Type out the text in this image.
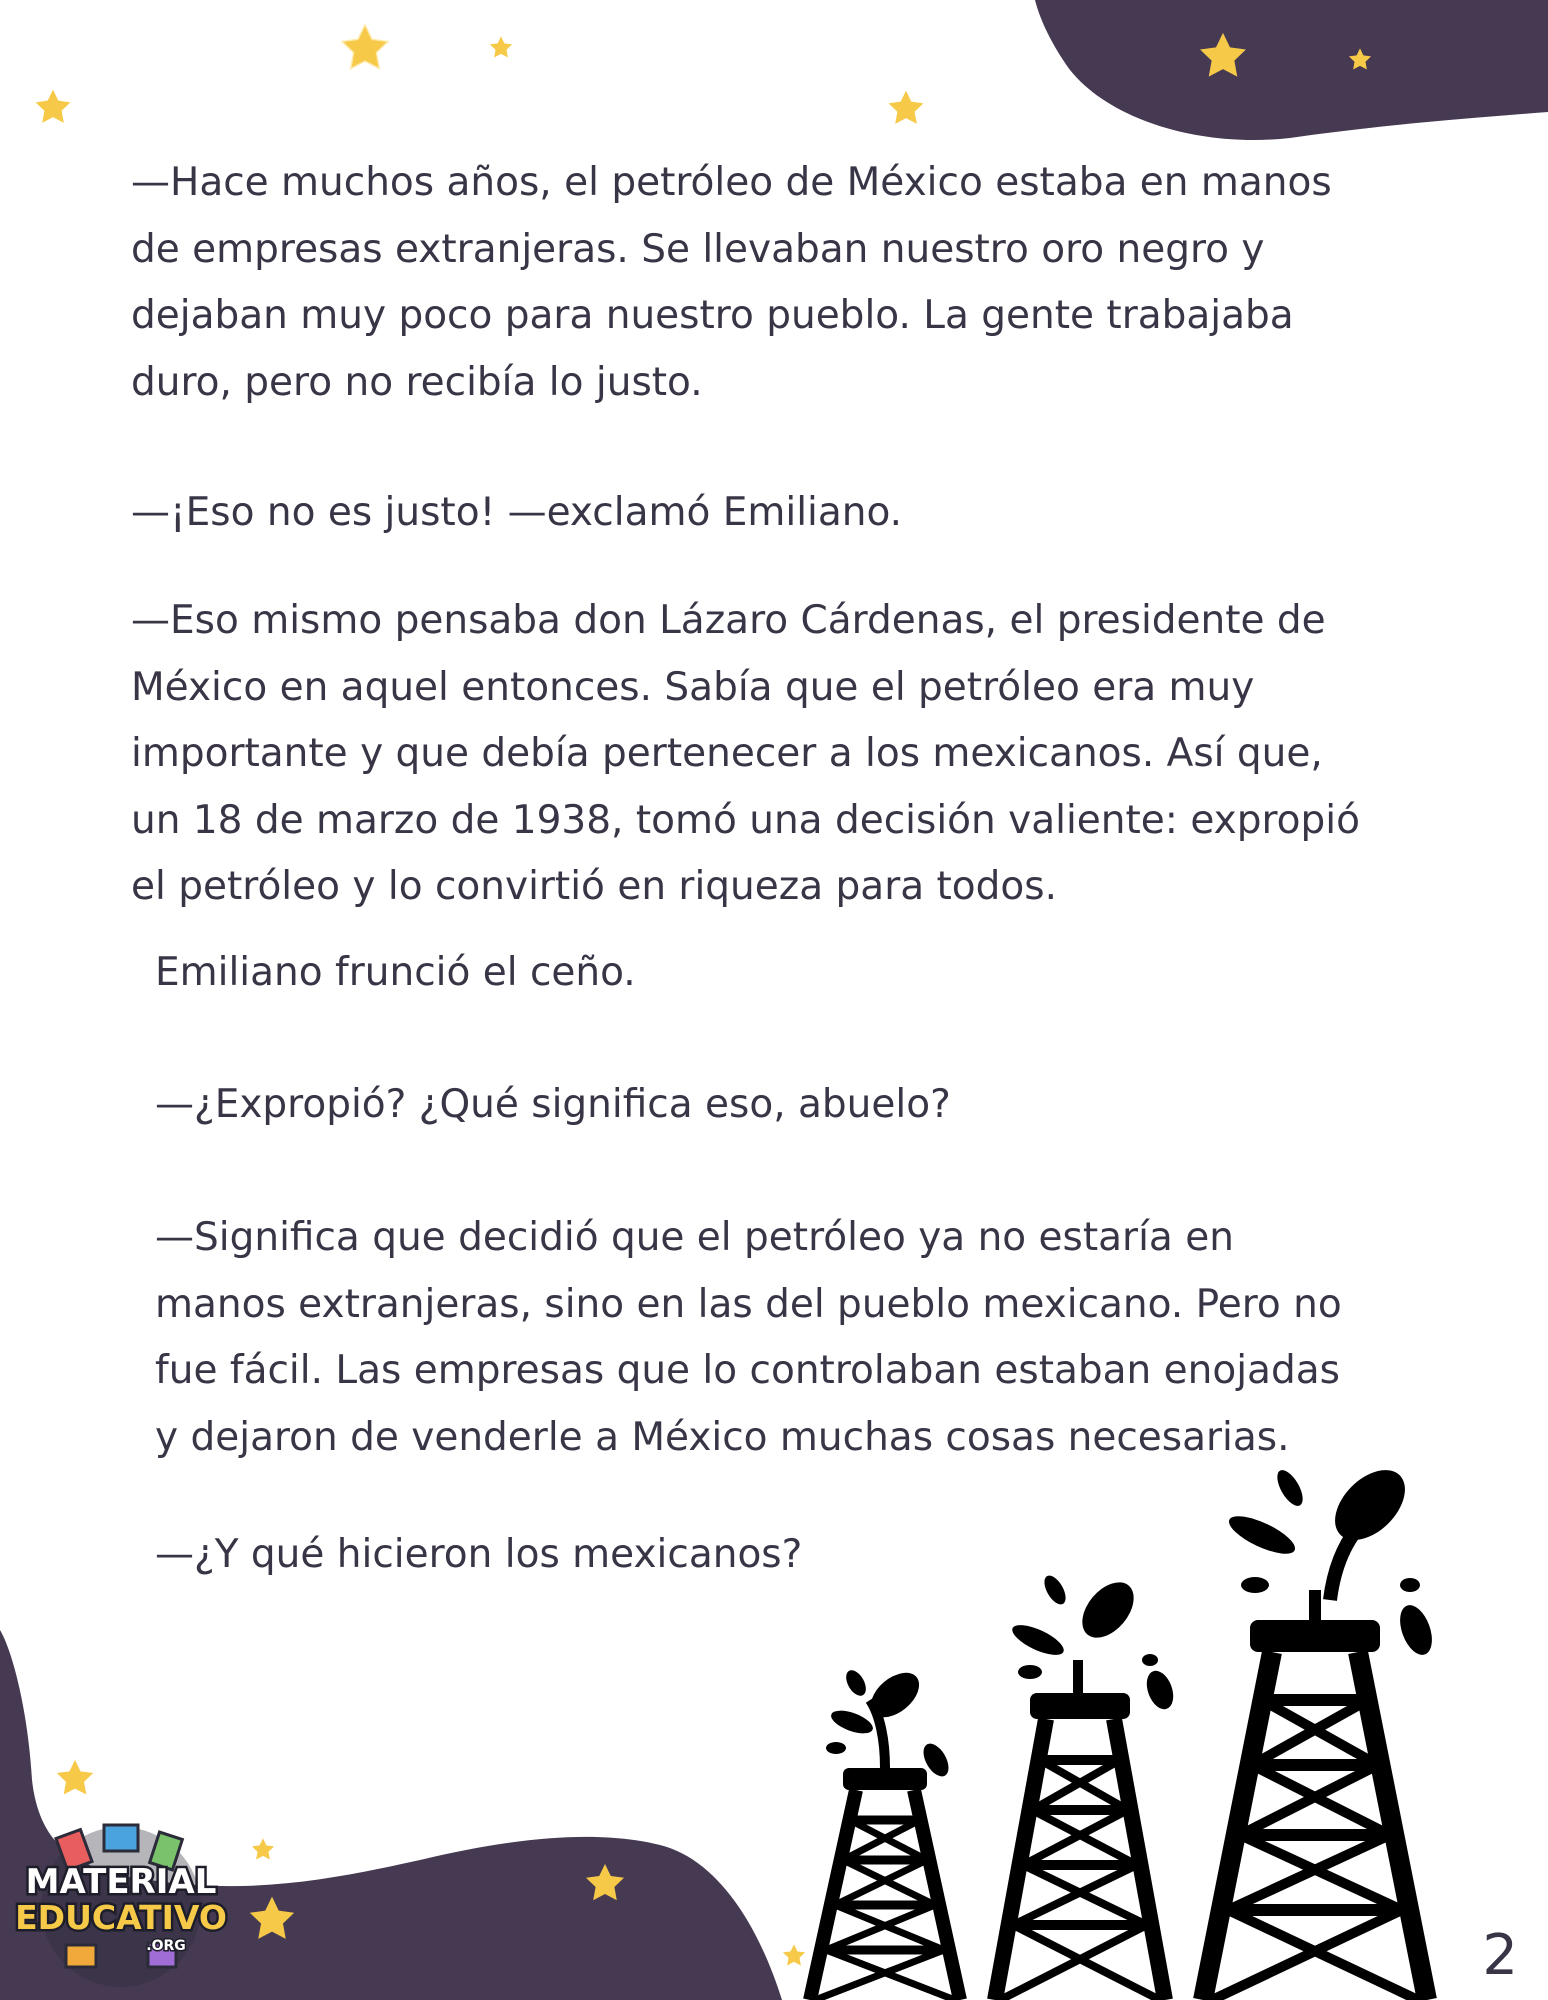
—Hace muchos años, el petróleo de México estaba en manos
de empresas extranjeras. Se llevaban nuestro oro negro y
dejaban muy poco para nuestro pueblo. La gente trabajaba
duro, pero no recibía lo justo.
—¡Eso no es justo! —exclamó Emiliano.
—Eso mismo pensaba don Lázaro Cárdenas, el presidente de
México en aquel entonces. Sabía que el petróleo era muy
importante y que debía pertenecer a los mexicanos. Así que,
un 18 de marzo de 1938, tomó una decisión valiente: expropió
el petróleo y lo convirtió en riqueza para todos.
Emiliano frunció el ceño.
—¿Expropió? ¿Qué significa eso, abuelo?
—Significa que decidió que el petróleo ya no estaría en
manos extranjeras, sino en las del pueblo mexicano. Pero no
fue fácil. Las empresas que lo controlaban estaban enojadas
y dejaron de venderle a México muchas cosas necesarias.
—¿Y qué hicieron los mexicanos?
MATERIAL
EDUCATIVO
.ORG	2
